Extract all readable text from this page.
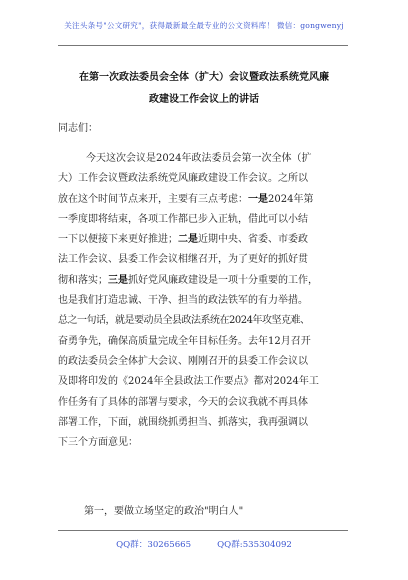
关注头条号"公文研究"，获得最新最全最专业的公文资料库！ 微信：gongwenyj
在第一次政法委员会全体（扩大）会议暨政法系统党风廉
政建设工作会议上的讲话
同志们：
今天这次会议是2024年政法委员会第一次全体（扩
大）工作会议暨政法系统党风廉政建设工作会议。之所以
放在这个时间节点来开，主要有三点考虑：一是2024年第
一季度即将结束，各项工作都已步入正轨，借此可以小结
一下以便接下来更好推进；二是近期中央、省委、市委政
法工作会议、县委工作会议相继召开，为了更好的抓好贯
彻和落实；三是抓好党风廉政建设是一项十分重要的工作，
也是我们打造忠诚、干净、担当的政法铁军的有力举措。
总之一句话，就是要动员全县政法系统在2024年攻坚克难、
奋勇争先，确保高质量完成全年目标任务。去年12月召开
的政法委员会全体扩大会议、刚刚召开的县委工作会议以
及即将印发的《2024年全县政法工作要点》都对2024年工
作任务有了具体的部署与要求，今天的会议我就不再具体
部署工作，下面，就围绕抓勇担当、抓落实，我再强调以
下三个方面意见：
第一，要做立场坚定的政治"明白人"
QQ群：30265665	QQ群:535304092
